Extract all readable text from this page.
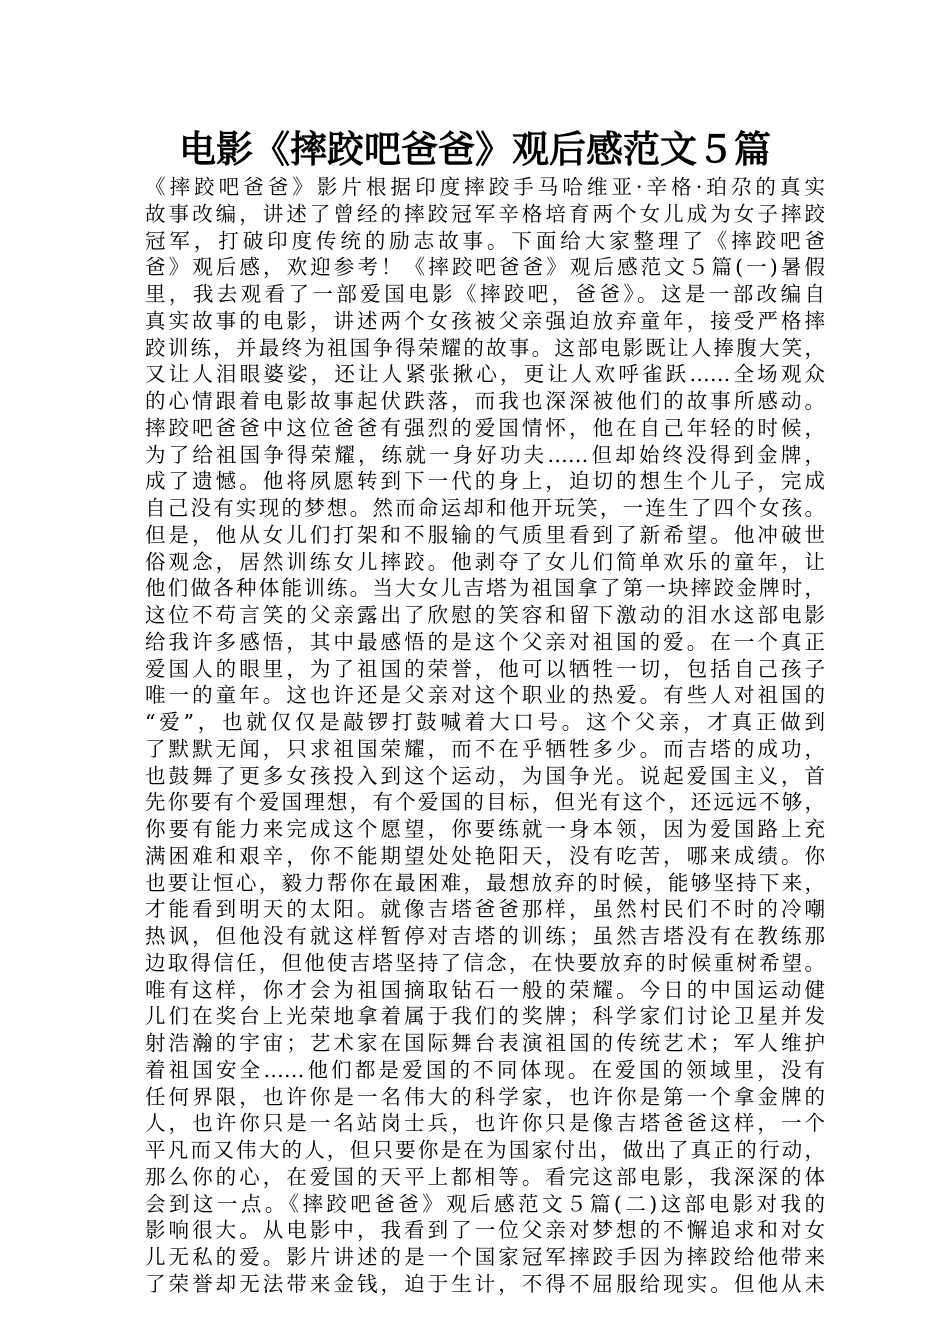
电影《摔跤吧爸爸》观后感范文５篇
《摔跤吧爸爸》影片根据印度摔跤手马哈维亚·辛格·珀尕的真实
故事改编，讲述了曾经的摔跤冠军辛格培育两个女儿成为女子摔跤
冠军，打破印度传统的励志故事。下面给大家整理了《摔跤吧爸
爸》观后感，欢迎参考！《摔跤吧爸爸》观后感范文５篇(一)暑假
里，我去观看了一部爱国电影《摔跤吧，爸爸》。这是一部改编自
真实故事的电影，讲述两个女孩被父亲强迫放弃童年，接受严格摔
跤训练，并最终为祖国争得荣耀的故事。这部电影既让人捧腹大笑，
又让人泪眼婆娑，还让人紧张揪心，更让人欢呼雀跃……全场观众
的心情跟着电影故事起伏跌落，而我也深深被他们的故事所感动。
摔跤吧爸爸中这位爸爸有强烈的爱国情怀，他在自己年轻的时候，
为了给祖国争得荣耀，练就一身好功夫……但却始终没得到金牌，
成了遗憾。他将夙愿转到下一代的身上，迫切的想生个儿子，完成
自己没有实现的梦想。然而命运却和他开玩笑，一连生了四个女孩。
但是，他从女儿们打架和不服输的气质里看到了新希望。他冲破世
俗观念，居然训练女儿摔跤。他剥夺了女儿们简单欢乐的童年，让
他们做各种体能训练。当大女儿吉塔为祖国拿了第一块摔跤金牌时，
这位不苟言笑的父亲露出了欣慰的笑容和留下激动的泪水这部电影
给我许多感悟，其中最感悟的是这个父亲对祖国的爱。在一个真正
爱国人的眼里，为了祖国的荣誉，他可以牺牲一切，包括自己孩子
唯一的童年。这也许还是父亲对这个职业的热爱。有些人对祖国的
“爱”，也就仅仅是敲锣打鼓喊着大口号。这个父亲，才真正做到
了默默无闻，只求祖国荣耀，而不在乎牺牲多少。而吉塔的成功，
也鼓舞了更多女孩投入到这个运动，为国争光。说起爱国主义，首
先你要有个爱国理想，有个爱国的目标，但光有这个，还远远不够，
你要有能力来完成这个愿望，你要练就一身本领，因为爱国路上充
满困难和艰辛，你不能期望处处艳阳天，没有吃苦，哪来成绩。你
也要让恒心，毅力帮你在最困难，最想放弃的时候，能够坚持下来，
才能看到明天的太阳。就像吉塔爸爸那样，虽然村民们不时的冷嘲
热讽，但他没有就这样暂停对吉塔的训练；虽然吉塔没有在教练那
边取得信任，但他使吉塔坚持了信念，在快要放弃的时候重树希望。
唯有这样，你才会为祖国摘取钻石一般的荣耀。今日的中国运动健
儿们在奖台上光荣地拿着属于我们的奖牌；科学家们讨论卫星并发
射浩瀚的宇宙；艺术家在国际舞台表演祖国的传统艺术；军人维护
着祖国安全……他们都是爱国的不同体现。在爱国的领域里，没有
任何界限，也许你是一名伟大的科学家，也许你是第一个拿金牌的
人，也许你只是一名站岗士兵，也许你只是像吉塔爸爸这样，一个
平凡而又伟大的人，但只要你是在为国家付出，做出了真正的行动，
那么你的心，在爱国的天平上都相等。看完这部电影，我深深的体
会到这一点。《摔跤吧爸爸》观后感范文５篇(二)这部电影对我的
影响很大。从电影中，我看到了一位父亲对梦想的不懈追求和对女
儿无私的爱。影片讲述的是一个国家冠军摔跤手因为摔跤给他带来
了荣誉却无法带来金钱，迫于生计，不得不屈服给现实。但他从未
